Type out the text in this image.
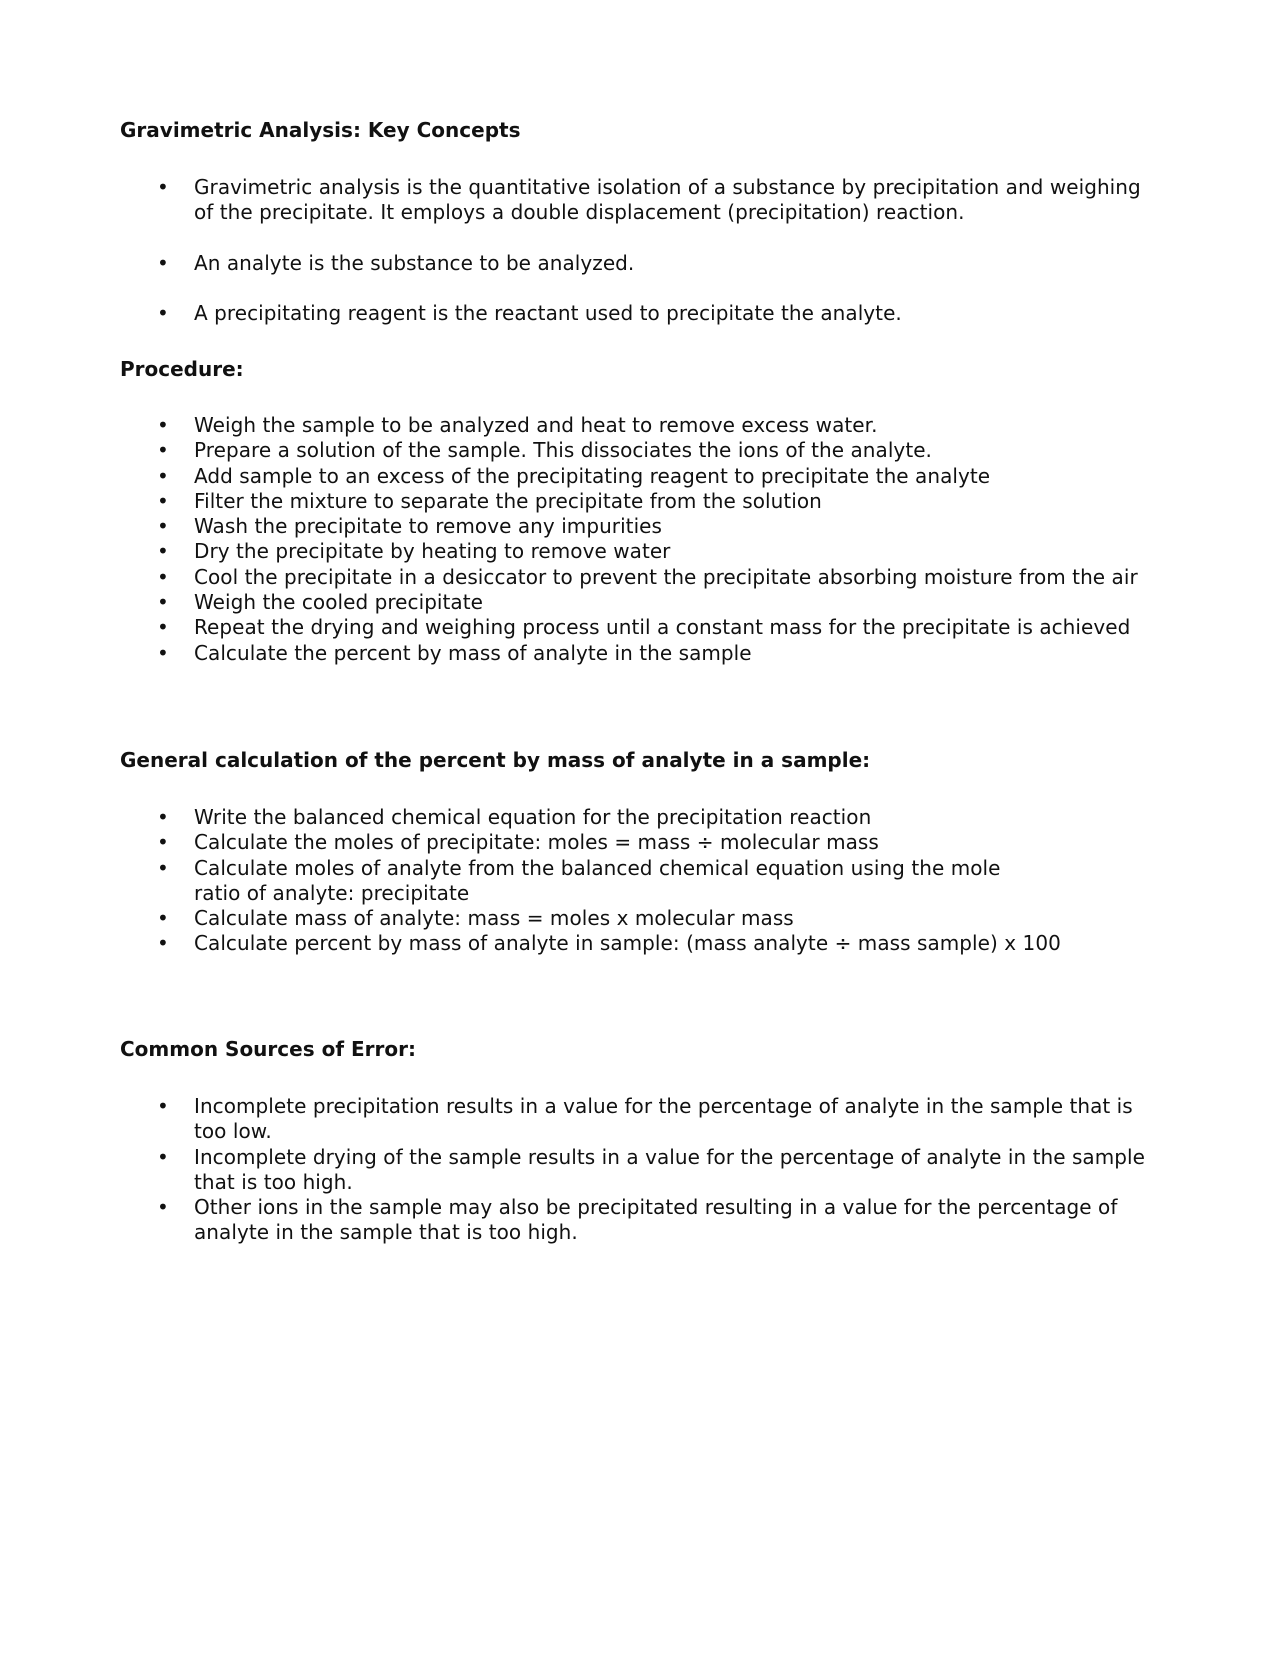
Gravimetric Analysis: Key Concepts
• Gravimetric analysis is the quantitative isolation of a substance by precipitation and weighing
of the precipitate. It employs a double displacement (precipitation) reaction.
• An analyte is the substance to be analyzed.
• A precipitating reagent is the reactant used to precipitate the analyte.
Procedure:
• Weigh the sample to be analyzed and heat to remove excess water.
• Prepare a solution of the sample. This dissociates the ions of the analyte.
• Add sample to an excess of the precipitating reagent to precipitate the analyte
• Filter the mixture to separate the precipitate from the solution
• Wash the precipitate to remove any impurities
• Dry the precipitate by heating to remove water
• Cool the precipitate in a desiccator to prevent the precipitate absorbing moisture from the air
• Weigh the cooled precipitate
• Repeat the drying and weighing process until a constant mass for the precipitate is achieved
• Calculate the percent by mass of analyte in the sample
General calculation of the percent by mass of analyte in a sample:
• Write the balanced chemical equation for the precipitation reaction
• Calculate the moles of precipitate: moles = mass ÷ molecular mass
• Calculate moles of analyte from the balanced chemical equation using the mole
ratio of analyte: precipitate
• Calculate mass of analyte: mass = moles x molecular mass
• Calculate percent by mass of analyte in sample: (mass analyte ÷ mass sample) x 100
Common Sources of Error:
• Incomplete precipitation results in a value for the percentage of analyte in the sample that is
too low.
• Incomplete drying of the sample results in a value for the percentage of analyte in the sample
that is too high.
• Other ions in the sample may also be precipitated resulting in a value for the percentage of
analyte in the sample that is too high.
